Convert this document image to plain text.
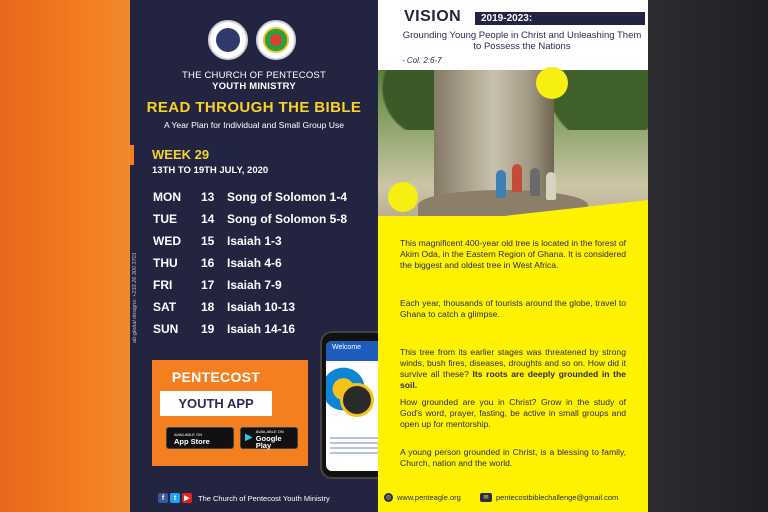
THE CHURCH OF PENTECOST
YOUTH MINISTRY
READ THROUGH THE BIBLE
A Year Plan for Individual and Small Group Use
WEEK 29
13TH TO 19TH JULY, 2020
MON	13	Song of Solomon 1-4
TUE	14	Song of Solomon 5-8
WED	15	Isaiah 1-3
THU	16	Isaiah 4-6
FRI	17	Isaiah 7-9
SAT	18	Isaiah 10-13
SUN	19	Isaiah 14-16
ab-global designs: +233 26 300 3701
PENTECOST
YOUTH APP
AVAILABLE ON
App Store	▶
AVAILABLE ON
Google Play
Welcome
f	t	▶	The Church of Pentecost Youth Ministry
VISION 2019-2023:
Grounding Young People in Christ and Unleashing Them to Possess the Nations
- Col. 2:6-7

This magnificent 400-year old tree is located in the forest of Akim Oda, in the Eastern Region of Ghana. It is considered the biggest and oldest tree in West Africa.

Each year, thousands of tourists around the globe, travel to Ghana to catch a glimpse.

This tree from its earlier stages was threatened by strong winds, bush fires, diseases, droughts and so on. How did it survive all these? Its roots are deeply grounded in the soil.

How grounded are you in Christ? Grow in the study of God's word, prayer, fasting, be active in small groups and open up for mentorship.

A young person grounded in Christ, is a blessing to family, Church, nation and the world.

◎ www.penteagle.org	✉ pentecostbiblechallenge@gmail.com
